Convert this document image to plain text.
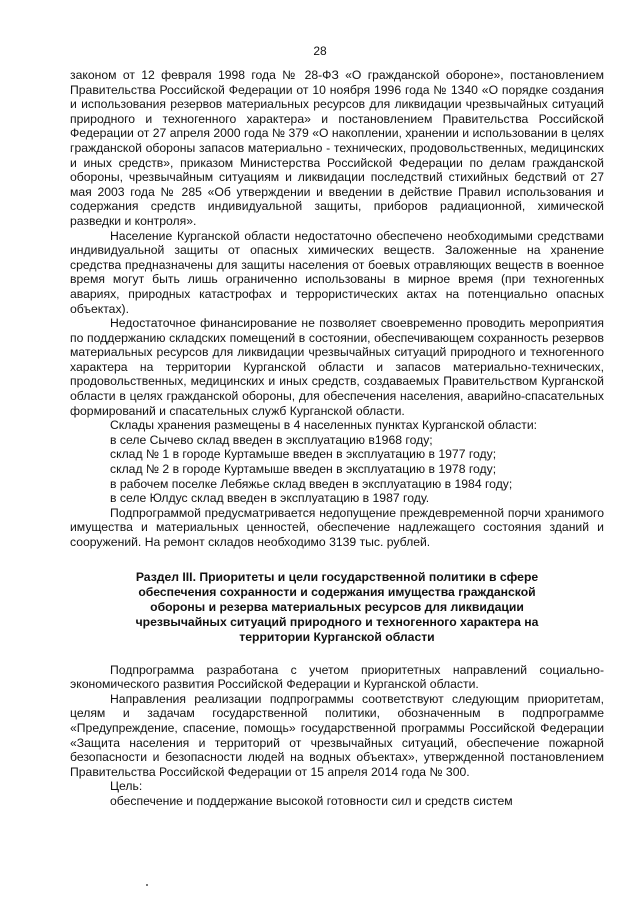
28

законом от 12 февраля 1998 года № 28-ФЗ «О гражданской обороне», постановлением Правительства Российской Федерации от 10 ноября 1996 года № 1340 «О порядке создания и использования резервов материальных ресурсов для ликвидации чрезвычайных ситуаций природного и техногенного характера» и постановлением Правительства Российской Федерации от 27 апреля 2000 года № 379 «О накоплении, хранении и использовании в целях гражданской обороны запасов материально - технических, продовольственных, медицинских и иных средств», приказом Министерства Российской Федерации по делам гражданской обороны, чрезвычайным ситуациям и ликвидации последствий стихийных бедствий от 27 мая 2003 года № 285 «Об утверждении и введении в действие Правил использования и содержания средств индивидуальной защиты, приборов радиационной, химической разведки и контроля».

Население Курганской области недостаточно обеспечено необходимыми средствами индивидуальной защиты от опасных химических веществ. Заложенные на хранение средства предназначены для защиты населения от боевых отравляющих веществ в военное время могут быть лишь ограниченно использованы в мирное время (при техногенных авариях, природных катастрофах и террористических актах на потенциально опасных объектах).

Недостаточное финансирование не позволяет своевременно проводить мероприятия по поддержанию складских помещений в состоянии, обеспечивающем сохранность резервов материальных ресурсов для ликвидации чрезвычайных ситуаций природного и техногенного характера на территории Курганской области и запасов материально-технических, продовольственных, медицинских и иных средств, создаваемых Правительством Курганской области в целях гражданской обороны, для обеспечения населения, аварийно-спасательных формирований и спасательных служб Курганской области.

Склады хранения размещены в 4 населенных пунктах Курганской области:

в селе Сычево склад введен в эксплуатацию в1968 году;

склад № 1 в городе Куртамыше введен в эксплуатацию в 1977 году;

склад № 2 в городе Куртамыше введен в эксплуатацию в 1978 году;

в рабочем поселке Лебяжье склад введен в эксплуатацию в 1984 году;

в селе Юлдус склад введен в эксплуатацию в 1987 году.

Подпрограммой предусматривается недопущение преждевременной порчи хранимого имущества и материальных ценностей, обеспечение надлежащего состояния зданий и сооружений. На ремонт складов необходимо 3139 тыс. рублей.

Раздел III. Приоритеты и цели государственной политики в сфере обеспечения сохранности и содержания имущества гражданской обороны и резерва материальных ресурсов для ликвидации чрезвычайных ситуаций природного и техногенного характера на территории Курганской области

Подпрограмма разработана с учетом приоритетных направлений социально-экономического развития Российской Федерации и Курганской области.

Направления реализации подпрограммы соответствуют следующим приоритетам, целям и задачам государственной политики, обозначенным в подпрограмме «Предупреждение, спасение, помощь» государственной программы Российской Федерации «Защита населения и территорий от чрезвычайных ситуаций, обеспечение пожарной безопасности и безопасности людей на водных объектах», утвержденной постановлением Правительства Российской Федерации от 15 апреля 2014 года № 300.

Цель:

обеспечение и поддержание высокой готовности сил и средств систем
